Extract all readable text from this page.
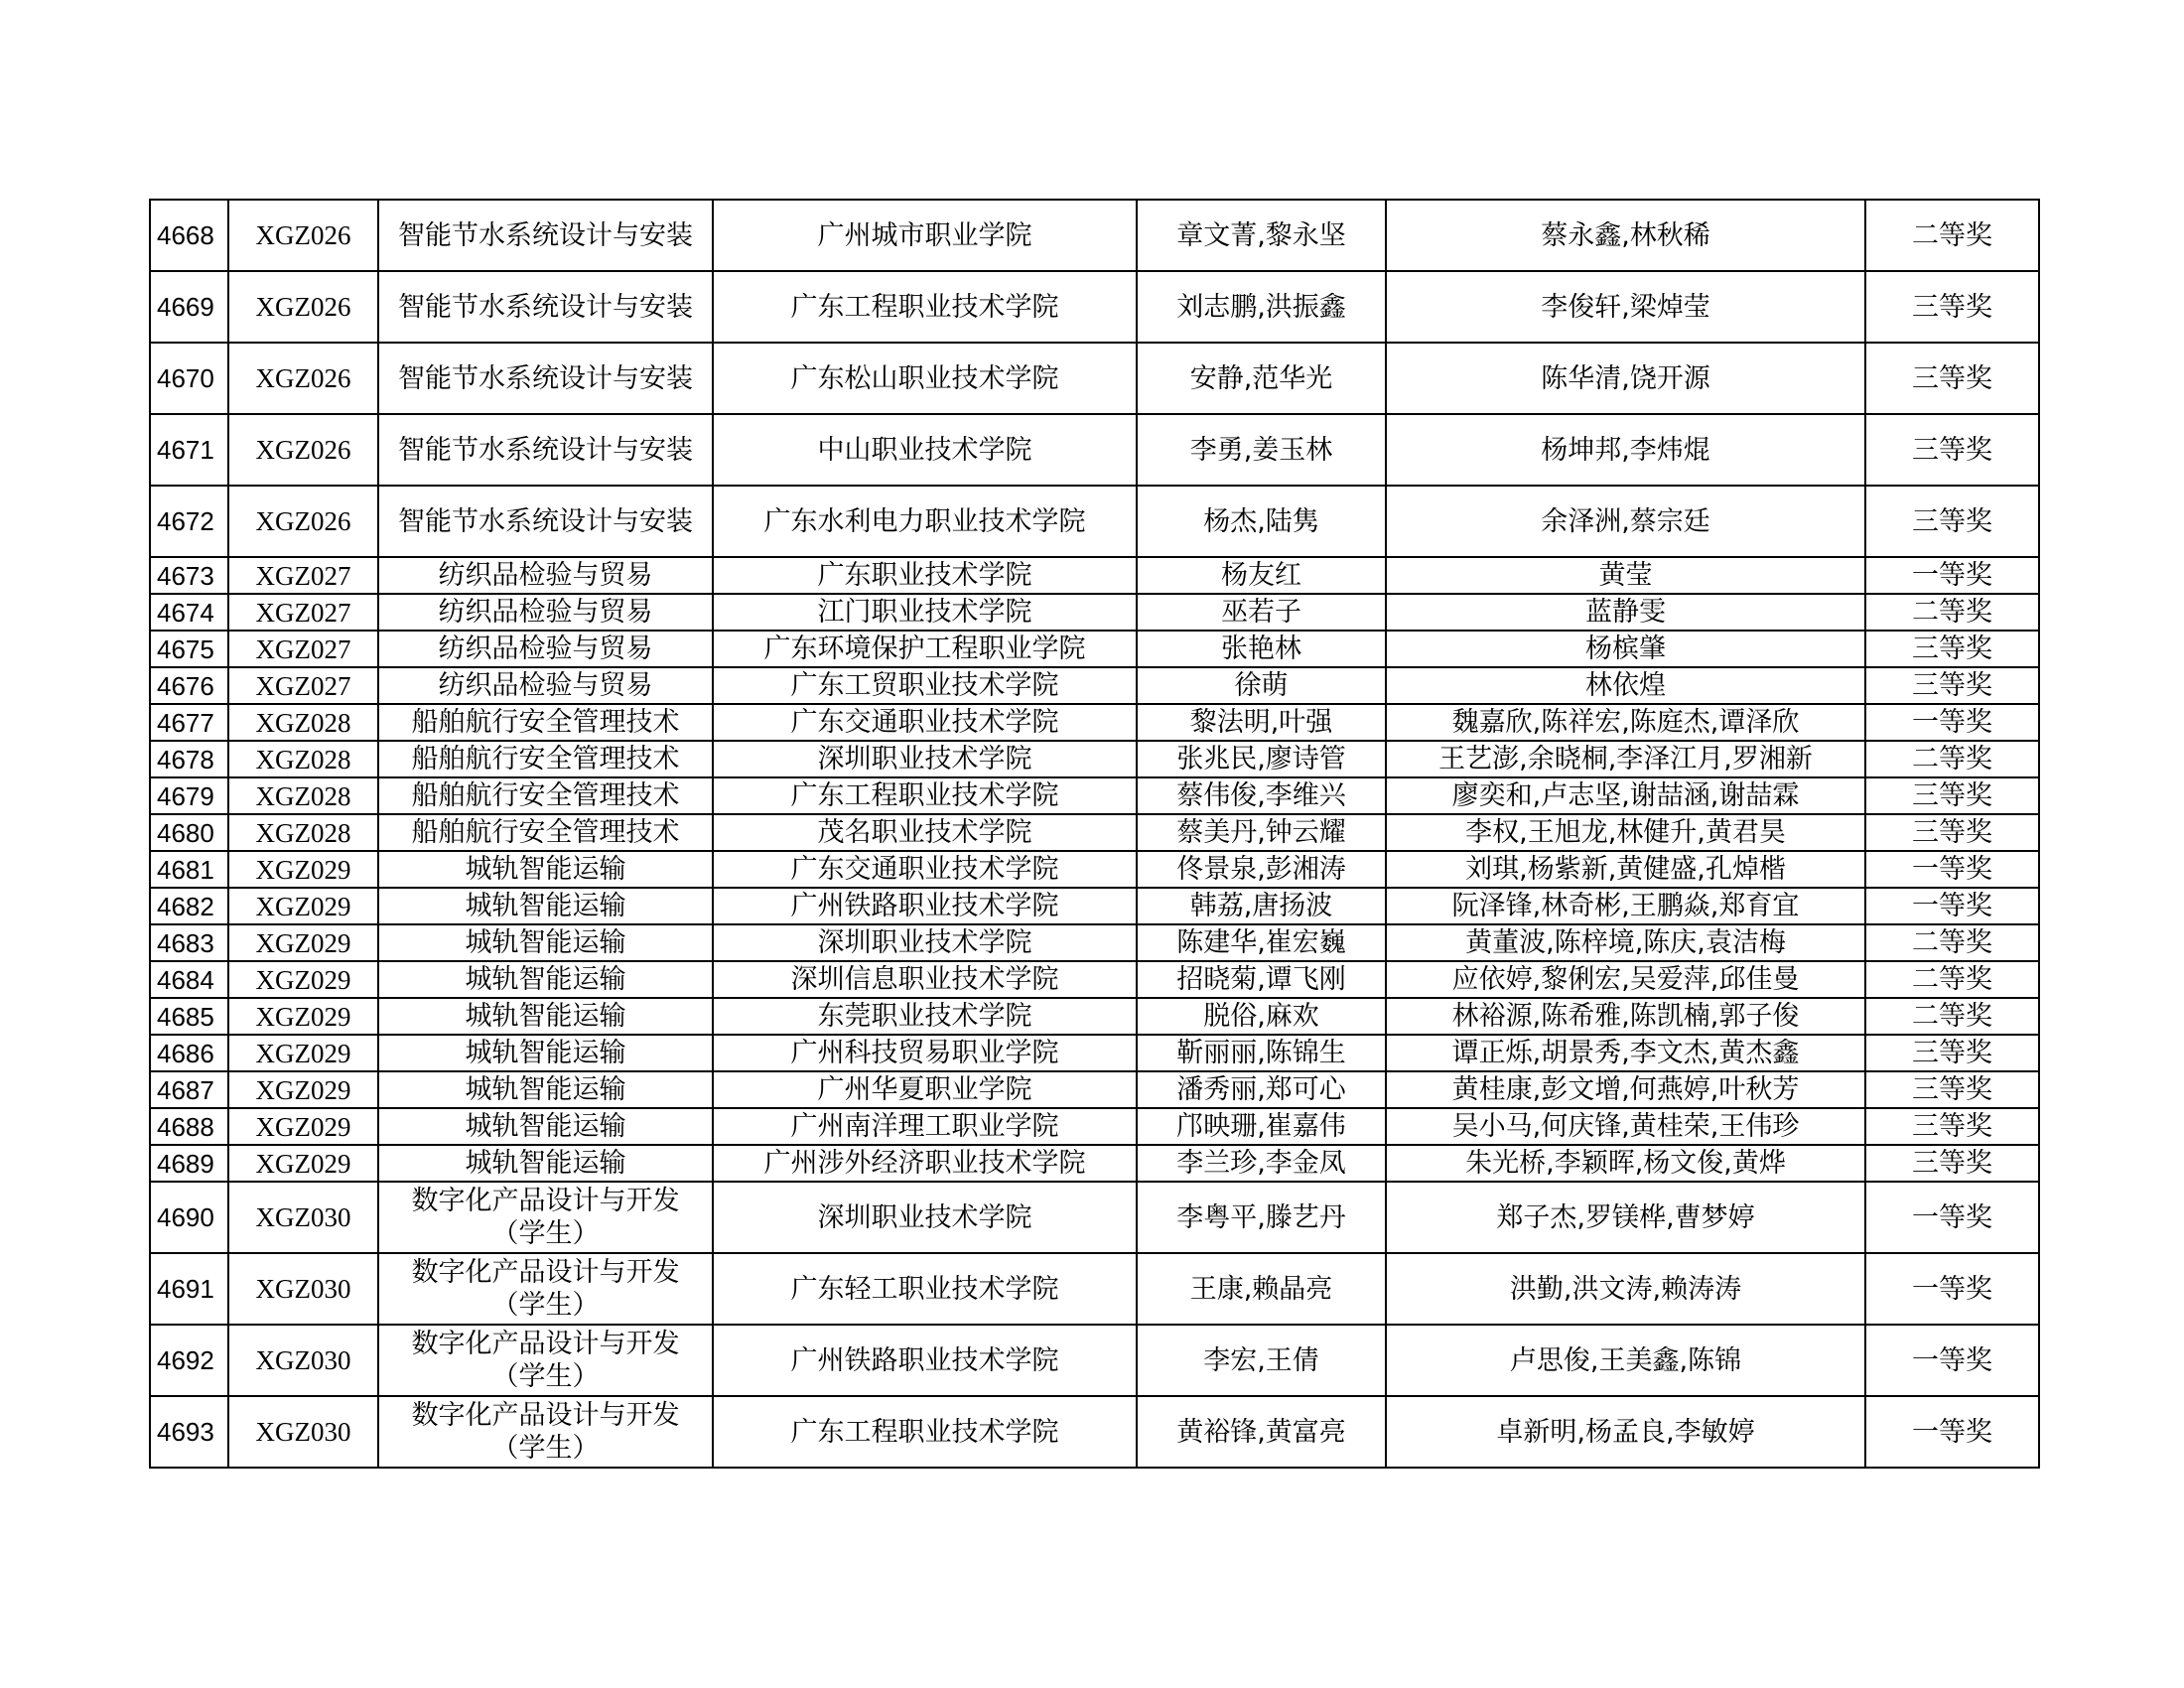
4668	XGZ026	智能节水系统设计与安装	广州城市职业学院	章文菁,黎永坚	蔡永鑫,林秋稀	二等奖
4669	XGZ026	智能节水系统设计与安装	广东工程职业技术学院	刘志鹏,洪振鑫	李俊轩,梁焯莹	三等奖
4670	XGZ026	智能节水系统设计与安装	广东松山职业技术学院	安静,范华光	陈华清,饶开源	三等奖
4671	XGZ026	智能节水系统设计与安装	中山职业技术学院	李勇,姜玉林	杨坤邦,李炜焜	三等奖
4672	XGZ026	智能节水系统设计与安装	广东水利电力职业技术学院	杨杰,陆隽	余泽洲,蔡宗廷	三等奖
4673	XGZ027	纺织品检验与贸易	广东职业技术学院	杨友红	黄莹	一等奖
4674	XGZ027	纺织品检验与贸易	江门职业技术学院	巫若子	蓝静雯	二等奖
4675	XGZ027	纺织品检验与贸易	广东环境保护工程职业学院	张艳林	杨槟肇	三等奖
4676	XGZ027	纺织品检验与贸易	广东工贸职业技术学院	徐萌	林依煌	三等奖
4677	XGZ028	船舶航行安全管理技术	广东交通职业技术学院	黎法明,叶强	魏嘉欣,陈祥宏,陈庭杰,谭泽欣	一等奖
4678	XGZ028	船舶航行安全管理技术	深圳职业技术学院	张兆民,廖诗管	王艺澎,余晓桐,李泽江月,罗湘新	二等奖
4679	XGZ028	船舶航行安全管理技术	广东工程职业技术学院	蔡伟俊,李维兴	廖奕和,卢志坚,谢喆涵,谢喆霖	三等奖
4680	XGZ028	船舶航行安全管理技术	茂名职业技术学院	蔡美丹,钟云耀	李权,王旭龙,林健升,黄君昊	三等奖
4681	XGZ029	城轨智能运输	广东交通职业技术学院	佟景泉,彭湘涛	刘琪,杨紫新,黄健盛,孔焯楷	一等奖
4682	XGZ029	城轨智能运输	广州铁路职业技术学院	韩荔,唐扬波	阮泽锋,林奇彬,王鹏焱,郑育宜	一等奖
4683	XGZ029	城轨智能运输	深圳职业技术学院	陈建华,崔宏巍	黄董波,陈梓境,陈庆,袁洁梅	二等奖
4684	XGZ029	城轨智能运输	深圳信息职业技术学院	招晓菊,谭飞刚	应依婷,黎俐宏,吴爱萍,邱佳曼	二等奖
4685	XGZ029	城轨智能运输	东莞职业技术学院	脱俗,麻欢	林裕源,陈希雅,陈凯楠,郭子俊	二等奖
4686	XGZ029	城轨智能运输	广州科技贸易职业学院	靳丽丽,陈锦生	谭正烁,胡景秀,李文杰,黄杰鑫	三等奖
4687	XGZ029	城轨智能运输	广州华夏职业学院	潘秀丽,郑可心	黄桂康,彭文增,何燕婷,叶秋芳	三等奖
4688	XGZ029	城轨智能运输	广州南洋理工职业学院	邝映珊,崔嘉伟	吴小马,何庆锋,黄桂荣,王伟珍	三等奖
4689	XGZ029	城轨智能运输	广州涉外经济职业技术学院	李兰珍,李金凤	朱光桥,李颖晖,杨文俊,黄烨	三等奖
4690	XGZ030	数字化产品设计与开发（学生）	深圳职业技术学院	李粤平,滕艺丹	郑子杰,罗镁桦,曹梦婷	一等奖
4691	XGZ030	数字化产品设计与开发（学生）	广东轻工职业技术学院	王康,赖晶亮	洪勤,洪文涛,赖涛涛	一等奖
4692	XGZ030	数字化产品设计与开发（学生）	广州铁路职业技术学院	李宏,王倩	卢思俊,王美鑫,陈锦	一等奖
4693	XGZ030	数字化产品设计与开发（学生）	广东工程职业技术学院	黄裕锋,黄富亮	卓新明,杨孟良,李敏婷	一等奖
